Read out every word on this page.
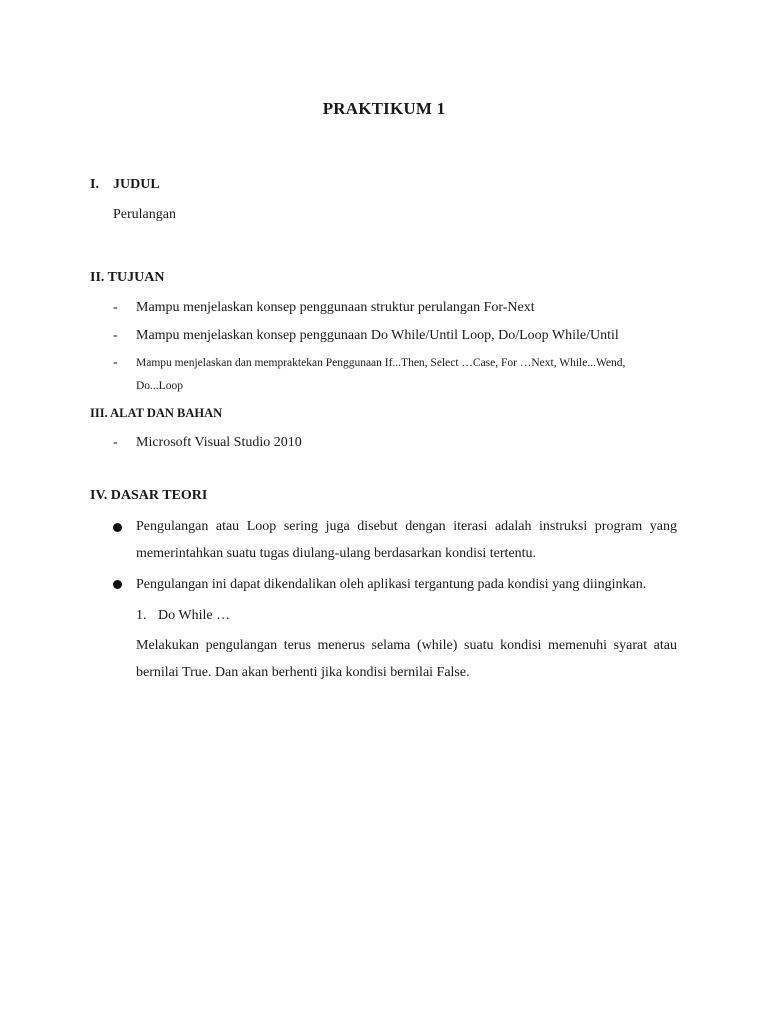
PRAKTIKUM 1
I. JUDUL
Perulangan
II. TUJUAN
- Mampu menjelaskan konsep penggunaan struktur perulangan For-Next
- Mampu menjelaskan konsep penggunaan Do While/Until Loop, Do/Loop While/Until
- Mampu menjelaskan dan mempraktekan Penggunaan If...Then, Select …Case, For …Next, While...Wend,
Do...Loop
III. ALAT DAN BAHAN
- Microsoft Visual Studio 2010
IV. DASAR TEORI
Pengulangan atau Loop sering juga disebut dengan iterasi adalah instruksi program yang
memerintahkan suatu tugas diulang-ulang berdasarkan kondisi tertentu.
Pengulangan ini dapat dikendalikan oleh aplikasi tergantung pada kondisi yang diinginkan.
1. Do While …
Melakukan pengulangan terus menerus selama (while) suatu kondisi memenuhi syarat atau
bernilai True. Dan akan berhenti jika kondisi bernilai False.
